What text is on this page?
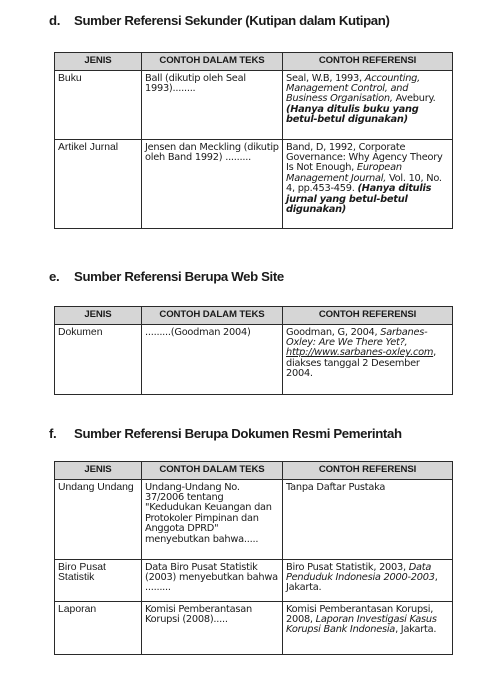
d. Sumber Referensi Sekunder (Kutipan dalam Kutipan)
JENIS	CONTOH DALAM TEKS	CONTOH REFERENSI
Buku	Ball (dikutip oleh Seal 1993)........	Seal, W.B, 1993, Accounting, Management Control, and Business Organisation, Avebury. (Hanya ditulis buku yang betul-betul digunakan)
Artikel Jurnal	Jensen dan Meckling (dikutip oleh Band 1992) .........	Band, D, 1992, Corporate Governance: Why Agency Theory Is Not Enough, European Management Journal, Vol. 10, No. 4, pp.453-459. (Hanya ditulis jurnal yang betul-betul digunakan)
e. Sumber Referensi Berupa Web Site
JENIS	CONTOH DALAM TEKS	CONTOH REFERENSI
Dokumen	.........(Goodman 2004)	Goodman, G, 2004, Sarbanes-Oxley: Are We There Yet?, http://www.sarbanes-oxley.com, diakses tanggal 2 Desember 2004.
f. Sumber Referensi Berupa Dokumen Resmi Pemerintah
JENIS	CONTOH DALAM TEKS	CONTOH REFERENSI
Undang Undang	Undang-Undang No. 37/2006 tentang "Kedudukan Keuangan dan Protokoler Pimpinan dan Anggota DPRD" menyebutkan bahwa.....	Tanpa Daftar Pustaka
Biro Pusat Statistik	Data Biro Pusat Statistik (2003) menyebutkan bahwa .........	Biro Pusat Statistik, 2003, Data Penduduk Indonesia 2000-2003, Jakarta.
Laporan	Komisi Pemberantasan Korupsi (2008).....	Komisi Pemberantasan Korupsi, 2008, Laporan Investigasi Kasus Korupsi Bank Indonesia, Jakarta.
